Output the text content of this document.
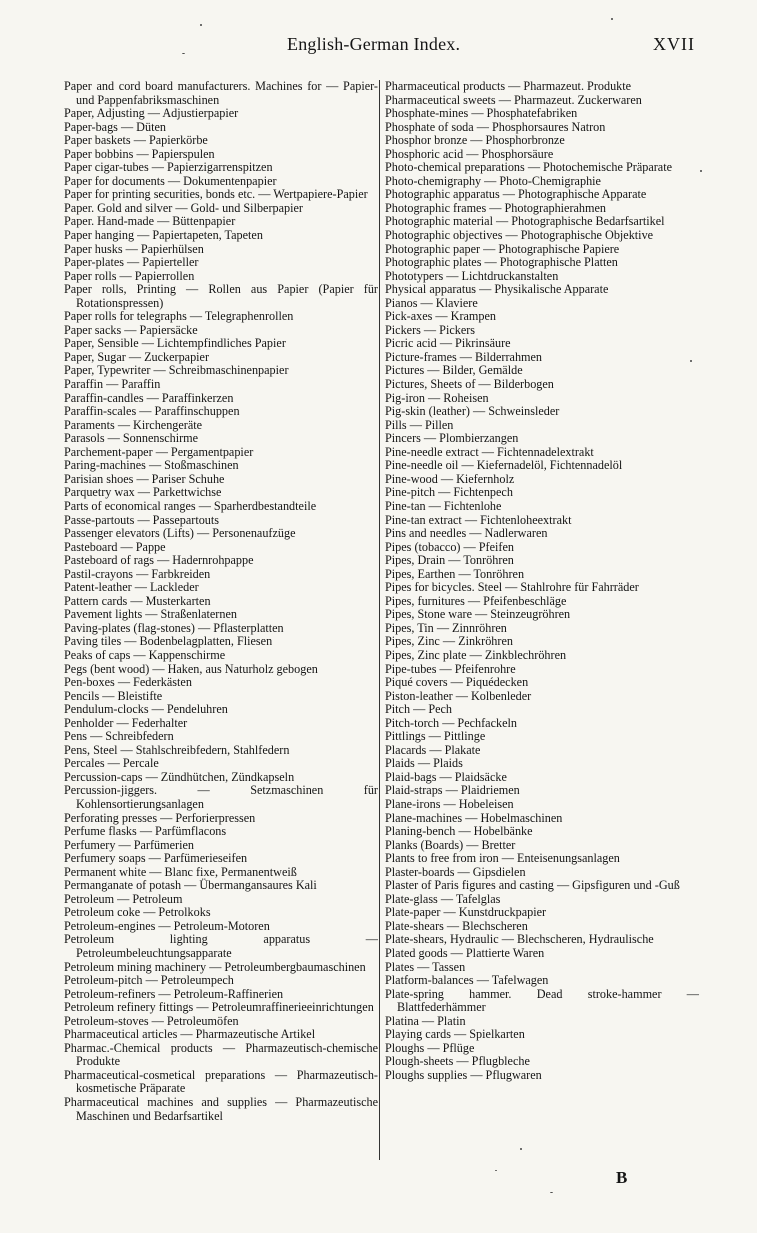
English-German Index.	XVII
Paper and cord board manufacturers. Machines for — Papier- und Pappenfabriksmaschinen
Paper, Adjusting — Adjustierpapier
Paper-bags — Düten
Paper baskets — Papierkörbe
Paper bobbins — Papierspulen
Paper cigar-tubes — Papierzigarrenspitzen
Paper for documents — Dokumentenpapier
Paper for printing securities, bonds etc. — Wertpapiere-Papier
Paper. Gold and silver — Gold- und Silberpapier
Paper. Hand-made — Büttenpapier
Paper hanging — Papiertapeten, Tapeten
Paper husks — Papierhülsen
Paper-plates — Papierteller
Paper rolls — Papierrollen
Paper rolls, Printing — Rollen aus Papier (Papier für Rotationspressen)
Paper rolls for telegraphs — Telegraphenrollen
Paper sacks — Papiersäcke
Paper, Sensible — Lichtempfindliches Papier
Paper, Sugar — Zuckerpapier
Paper, Typewriter — Schreibmaschinenpapier
Paraffin — Paraffin
Paraffin-candles — Paraffinkerzen
Paraffin-scales — Paraffinschuppen
Paraments — Kirchengeräte
Parasols — Sonnenschirme
Parchement-paper — Pergamentpapier
Paring-machines — Stoßmaschinen
Parisian shoes — Pariser Schuhe
Parquetry wax — Parkettwichse
Parts of economical ranges — Sparherdbestandteile
Passe-partouts — Passepartouts
Passenger elevators (Lifts) — Personenaufzüge
Pasteboard — Pappe
Pasteboard of rags — Hadernrohpappe
Pastil-crayons — Farbkreiden
Patent-leather — Lackleder
Pattern cards — Musterkarten
Pavement lights — Straßenlaternen
Paving-plates (flag-stones) — Pflasterplatten
Paving tiles — Bodenbelagplatten, Fliesen
Peaks of caps — Kappenschirme
Pegs (bent wood) — Haken, aus Naturholz gebogen
Pen-boxes — Federkästen
Pencils — Bleistifte
Pendulum-clocks — Pendeluhren
Penholder — Federhalter
Pens — Schreibfedern
Pens, Steel — Stahlschreibfedern, Stahlfedern
Percales — Percale
Percussion-caps — Zündhütchen, Zündkapseln
Percussion-jiggers. — Setzmaschinen für Kohlensortierungsanlagen
Perforating presses — Perforierpressen
Perfume flasks — Parfümflacons
Perfumery — Parfümerien
Perfumery soaps — Parfümerieseifen
Permanent white — Blanc fixe, Permanentweiß
Permanganate of potash — Übermangansaures Kali
Petroleum — Petroleum
Petroleum coke — Petrolkoks
Petroleum-engines — Petroleum-Motoren
Petroleum lighting apparatus — Petroleumbeleuchtungsapparate
Petroleum mining machinery — Petroleumbergbaumaschinen
Petroleum-pitch — Petroleumpech
Petroleum-refiners — Petroleum-Raffinerien
Petroleum refinery fittings — Petroleumraffinerieeinrichtungen
Petroleum-stoves — Petroleumöfen
Pharmaceutical articles — Pharmazeutische Artikel
Pharmac.-Chemical products — Pharmazeutisch-chemische Produkte
Pharmaceutical-cosmetical preparations — Pharmazeutisch-kosmetische Präparate
Pharmaceutical machines and supplies — Pharmazeutische Maschinen und Bedarfsartikel
Pharmaceutical products — Pharmazeut. Produkte
Pharmaceutical sweets — Pharmazeut. Zuckerwaren
Phosphate-mines — Phosphatefabriken
Phosphate of soda — Phosphorsaures Natron
Phosphor bronze — Phosphorbronze
Phosphoric acid — Phosphorsäure
Photo-chemical preparations — Photochemische Präparate
Photo-chemigraphy — Photo-Chemigraphie
Photographic apparatus — Photographische Apparate
Photographic frames — Photographierahmen
Photographic material — Photographische Bedarfsartikel
Photographic objectives — Photographische Objektive
Photographic paper — Photographische Papiere
Photographic plates — Photographische Platten
Phototypers — Lichtdruckanstalten
Physical apparatus — Physikalische Apparate
Pianos — Klaviere
Pick-axes — Krampen
Pickers — Pickers
Picric acid — Pikrinsäure
Picture-frames — Bilderrahmen
Pictures — Bilder, Gemälde
Pictures, Sheets of — Bilderbogen
Pig-iron — Roheisen
Pig-skin (leather) — Schweinsleder
Pills — Pillen
Pincers — Plombierzangen
Pine-needle extract — Fichtennadelextrakt
Pine-needle oil — Kiefernadelöl, Fichtennadelöl
Pine-wood — Kiefernholz
Pine-pitch — Fichtenpech
Pine-tan — Fichtenlohe
Pine-tan extract — Fichtenloheextrakt
Pins and needles — Nadlerwaren
Pipes (tobacco) — Pfeifen
Pipes, Drain — Tonröhren
Pipes, Earthen — Tonröhren
Pipes for bicycles. Steel — Stahlrohre für Fahrräder
Pipes, furnitures — Pfeifenbeschläge
Pipes, Stone ware — Steinzeugröhren
Pipes, Tin — Zinnröhren
Pipes, Zinc — Zinkröhren
Pipes, Zinc plate — Zinkblechröhren
Pipe-tubes — Pfeifenrohre
Piqué covers — Piquédecken
Piston-leather — Kolbenleder
Pitch — Pech
Pitch-torch — Pechfackeln
Pittlings — Pittlinge
Placards — Plakate
Plaids — Plaids
Plaid-bags — Plaidsäcke
Plaid-straps — Plaidriemen
Plane-irons — Hobeleisen
Plane-machines — Hobelmaschinen
Planing-bench — Hobelbänke
Planks (Boards) — Bretter
Plants to free from iron — Enteisenungsanlagen
Plaster-boards — Gipsdielen
Plaster of Paris figures and casting — Gipsfiguren und -Guß
Plate-glass — Tafelglas
Plate-paper — Kunstdruckpapier
Plate-shears — Blechscheren
Plate-shears, Hydraulic — Blechscheren, Hydraulische
Plated goods — Plattierte Waren
Plates — Tassen
Platform-balances — Tafelwagen
Plate-spring hammer. Dead stroke-hammer — Blattfederhämmer
Platina — Platin
Playing cards — Spielkarten
Ploughs — Pflüge
Plough-sheets — Pflugbleche
Ploughs supplies — Pflugwaren
B
